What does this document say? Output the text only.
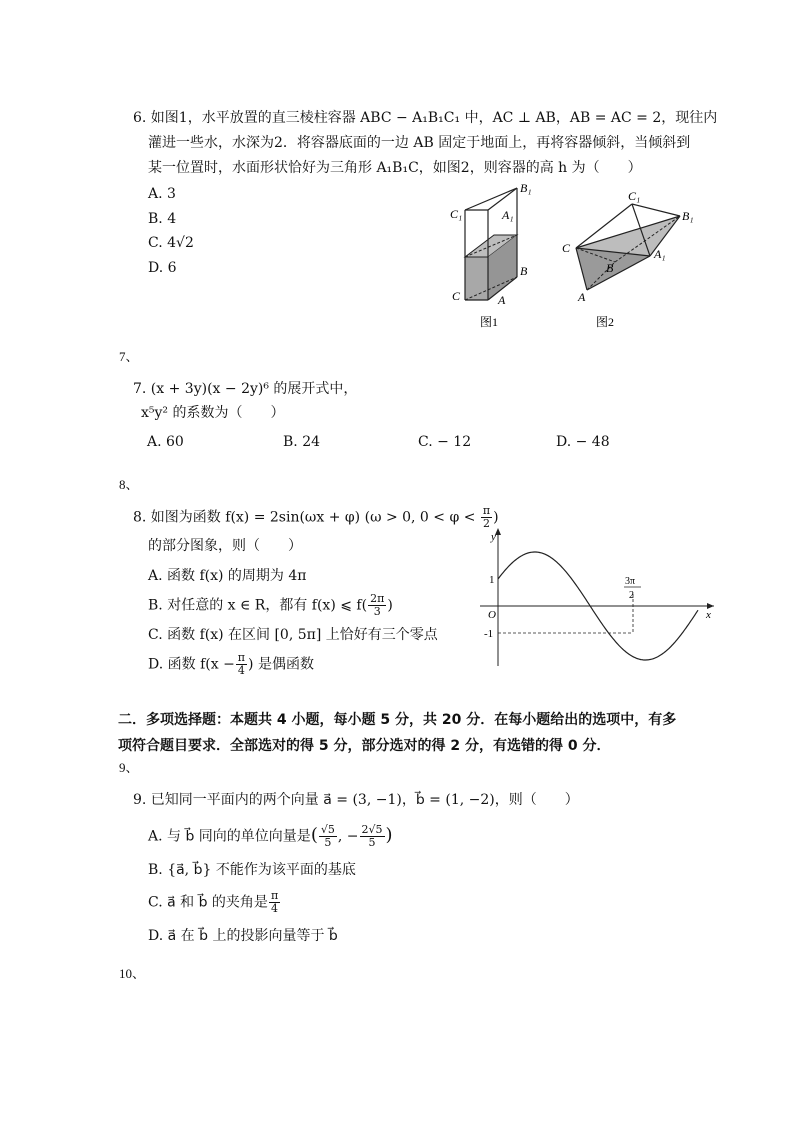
6. 如图1，水平放置的直三棱柱容器 ABC − A₁B₁C₁ 中，AC ⊥ AB，AB = AC = 2，现往内
灌进一些水，水深为2．将容器底面的一边 AB 固定于地面上，再将容器倾斜，当倾斜到
某一位置时，水面形状恰好为三角形 A₁B₁C，如图2，则容器的高 h 为（　　）
A. 3
B. 4
C. 4√2
D. 6
C₁
B₁
A₁
B
C	A
图1
C₁
B₁
C
B
A₁
A
图2
7、
7. (x + 3y)(x − 2y)⁶ 的展开式中，
x⁵y² 的系数为（　　）
A. 60	B. 24	C. − 12	D. − 48
8、
8. 如图为函数 f(x) = 2sin(ωx + φ) (ω > 0, $0 < \varphi < \frac{\pi}{2}$ )
的部分图象，则（　　）
A. 函数 f(x) 的周期为 4π
B. 对任意的 x ∈ R，都有 f(x) ⩽ $f( \frac{2\pi}{3}$ )
C. 函数 f(x) 在区间 [0, 5π] 上恰好有三个零点
D. 函数 $f(x - \frac{\pi}{4}$ ) 是偶函数
y
x
O
1
-1
3π
2
二．多项选择题：本题共 4 小题，每小题 5 分，共 20 分．在每小题给出的选项中，有多
项符合题目要求．全部选对的得 5 分，部分选对的得 2 分，有选错的得 0 分．
9、
9. 已知同一平面内的两个向量 a⃗ = (3, −1)，b⃗ = (1, −2)，则（　　）
A. 与 b⃗ 同向的单位向量是( $\frac{√5}{5}$ , − $\frac{2√5}{5}$ )
B. {a⃗, b⃗} 不能作为该平面的基底
C. a⃗ 和 b⃗ 的夹角是 $\frac{\pi}{4}$
D. a⃗ 在 b⃗ 上的投影向量等于 b⃗
10、
